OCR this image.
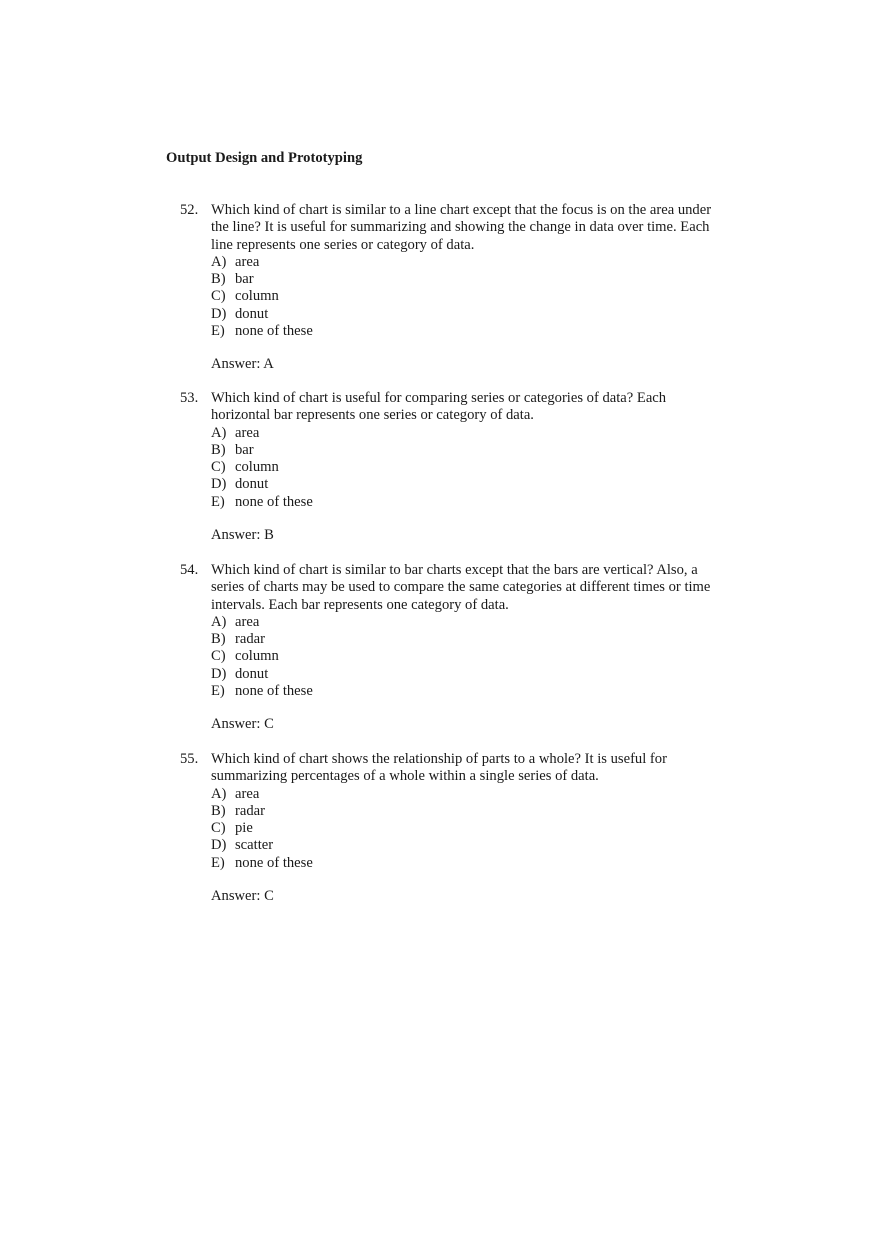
Output Design and Prototyping
52. Which kind of chart is similar to a line chart except that the focus is on the area under
the line? It is useful for summarizing and showing the change in data over time. Each
line represents one series or category of data.
A) area
B) bar
C) column
D) donut
E) none of these
Answer: A
53. Which kind of chart is useful for comparing series or categories of data? Each
horizontal bar represents one series or category of data.
A) area
B) bar
C) column
D) donut
E) none of these
Answer: B
54. Which kind of chart is similar to bar charts except that the bars are vertical? Also, a
series of charts may be used to compare the same categories at different times or time
intervals. Each bar represents one category of data.
A) area
B) radar
C) column
D) donut
E) none of these
Answer: C
55. Which kind of chart shows the relationship of parts to a whole? It is useful for
summarizing percentages of a whole within a single series of data.
A) area
B) radar
C) pie
D) scatter
E) none of these
Answer: C
